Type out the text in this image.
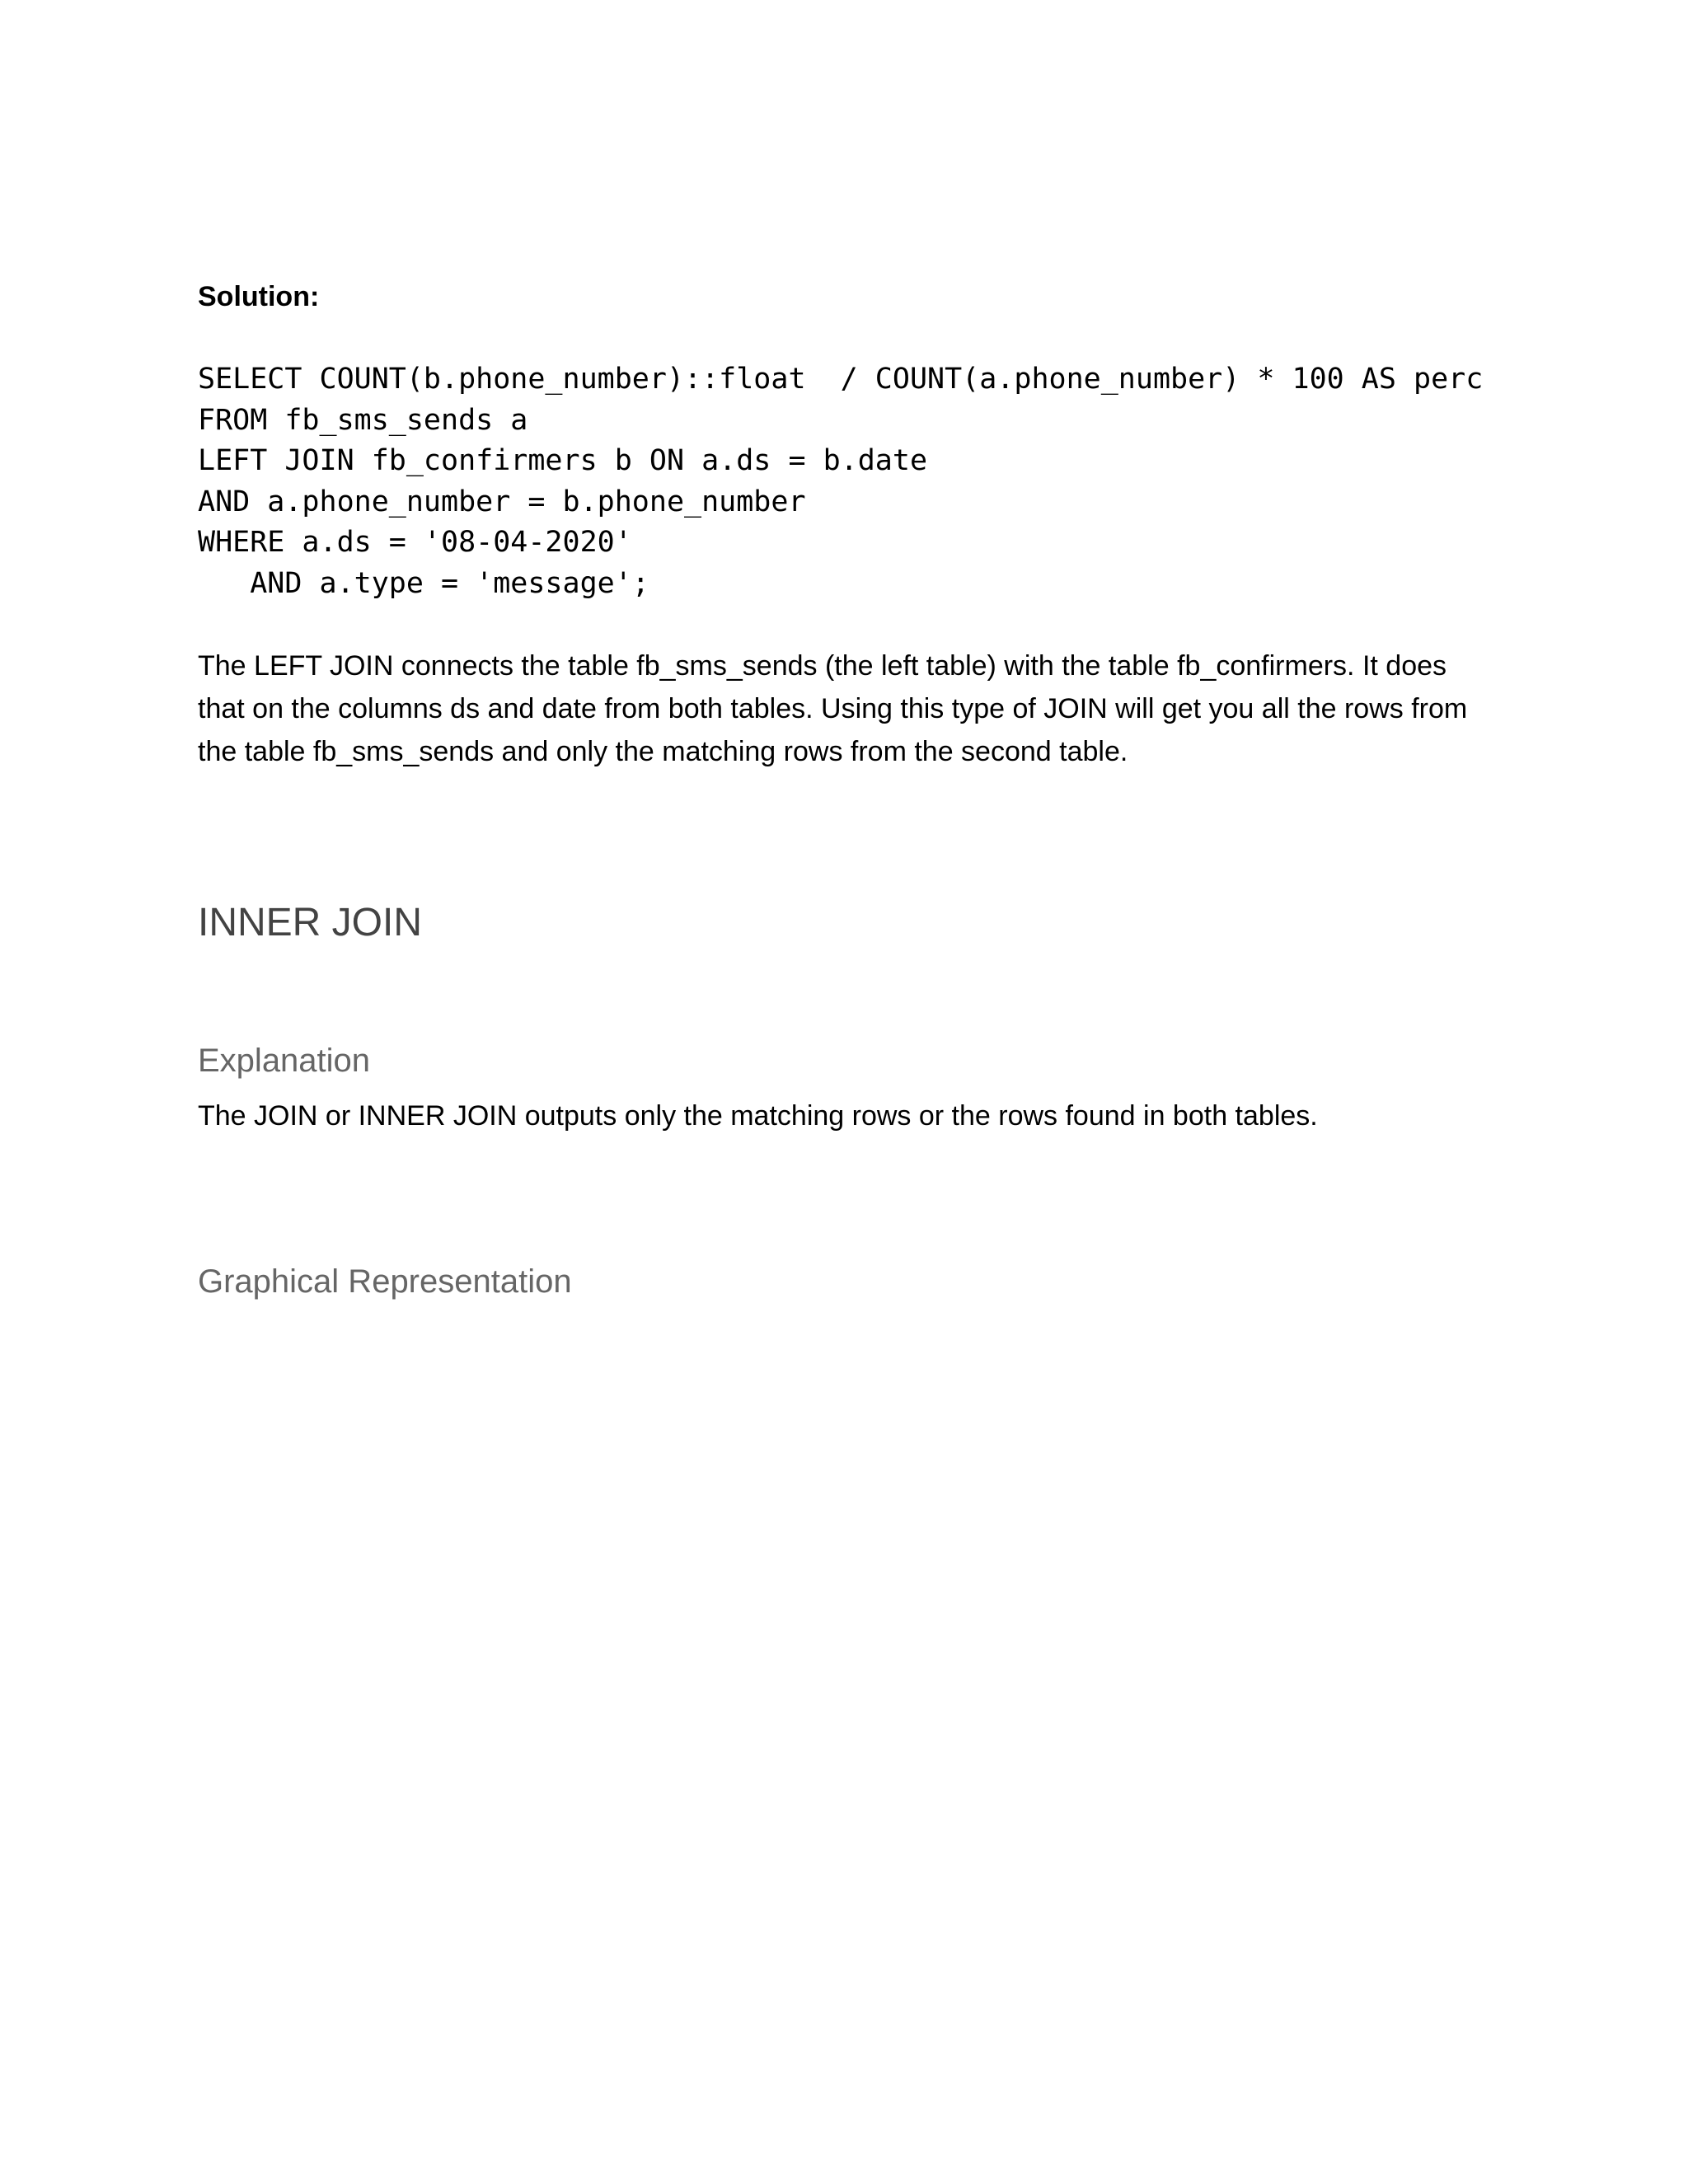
Solution:

SELECT COUNT(b.phone_number)::float  / COUNT(a.phone_number) * 100 AS perc
FROM fb_sms_sends a
LEFT JOIN fb_confirmers b ON a.ds = b.date
AND a.phone_number = b.phone_number
WHERE a.ds = '08-04-2020'
AND a.type = 'message';

The LEFT JOIN connects the table fb_sms_sends (the left table) with the table fb_confirmers. It does that on the columns ds and date from both tables. Using this type of JOIN will get you all the rows from the table fb_sms_sends and only the matching rows from the second table.

INNER JOIN
Explanation

The JOIN or INNER JOIN outputs only the matching rows or the rows found in both tables.

Graphical Representation
